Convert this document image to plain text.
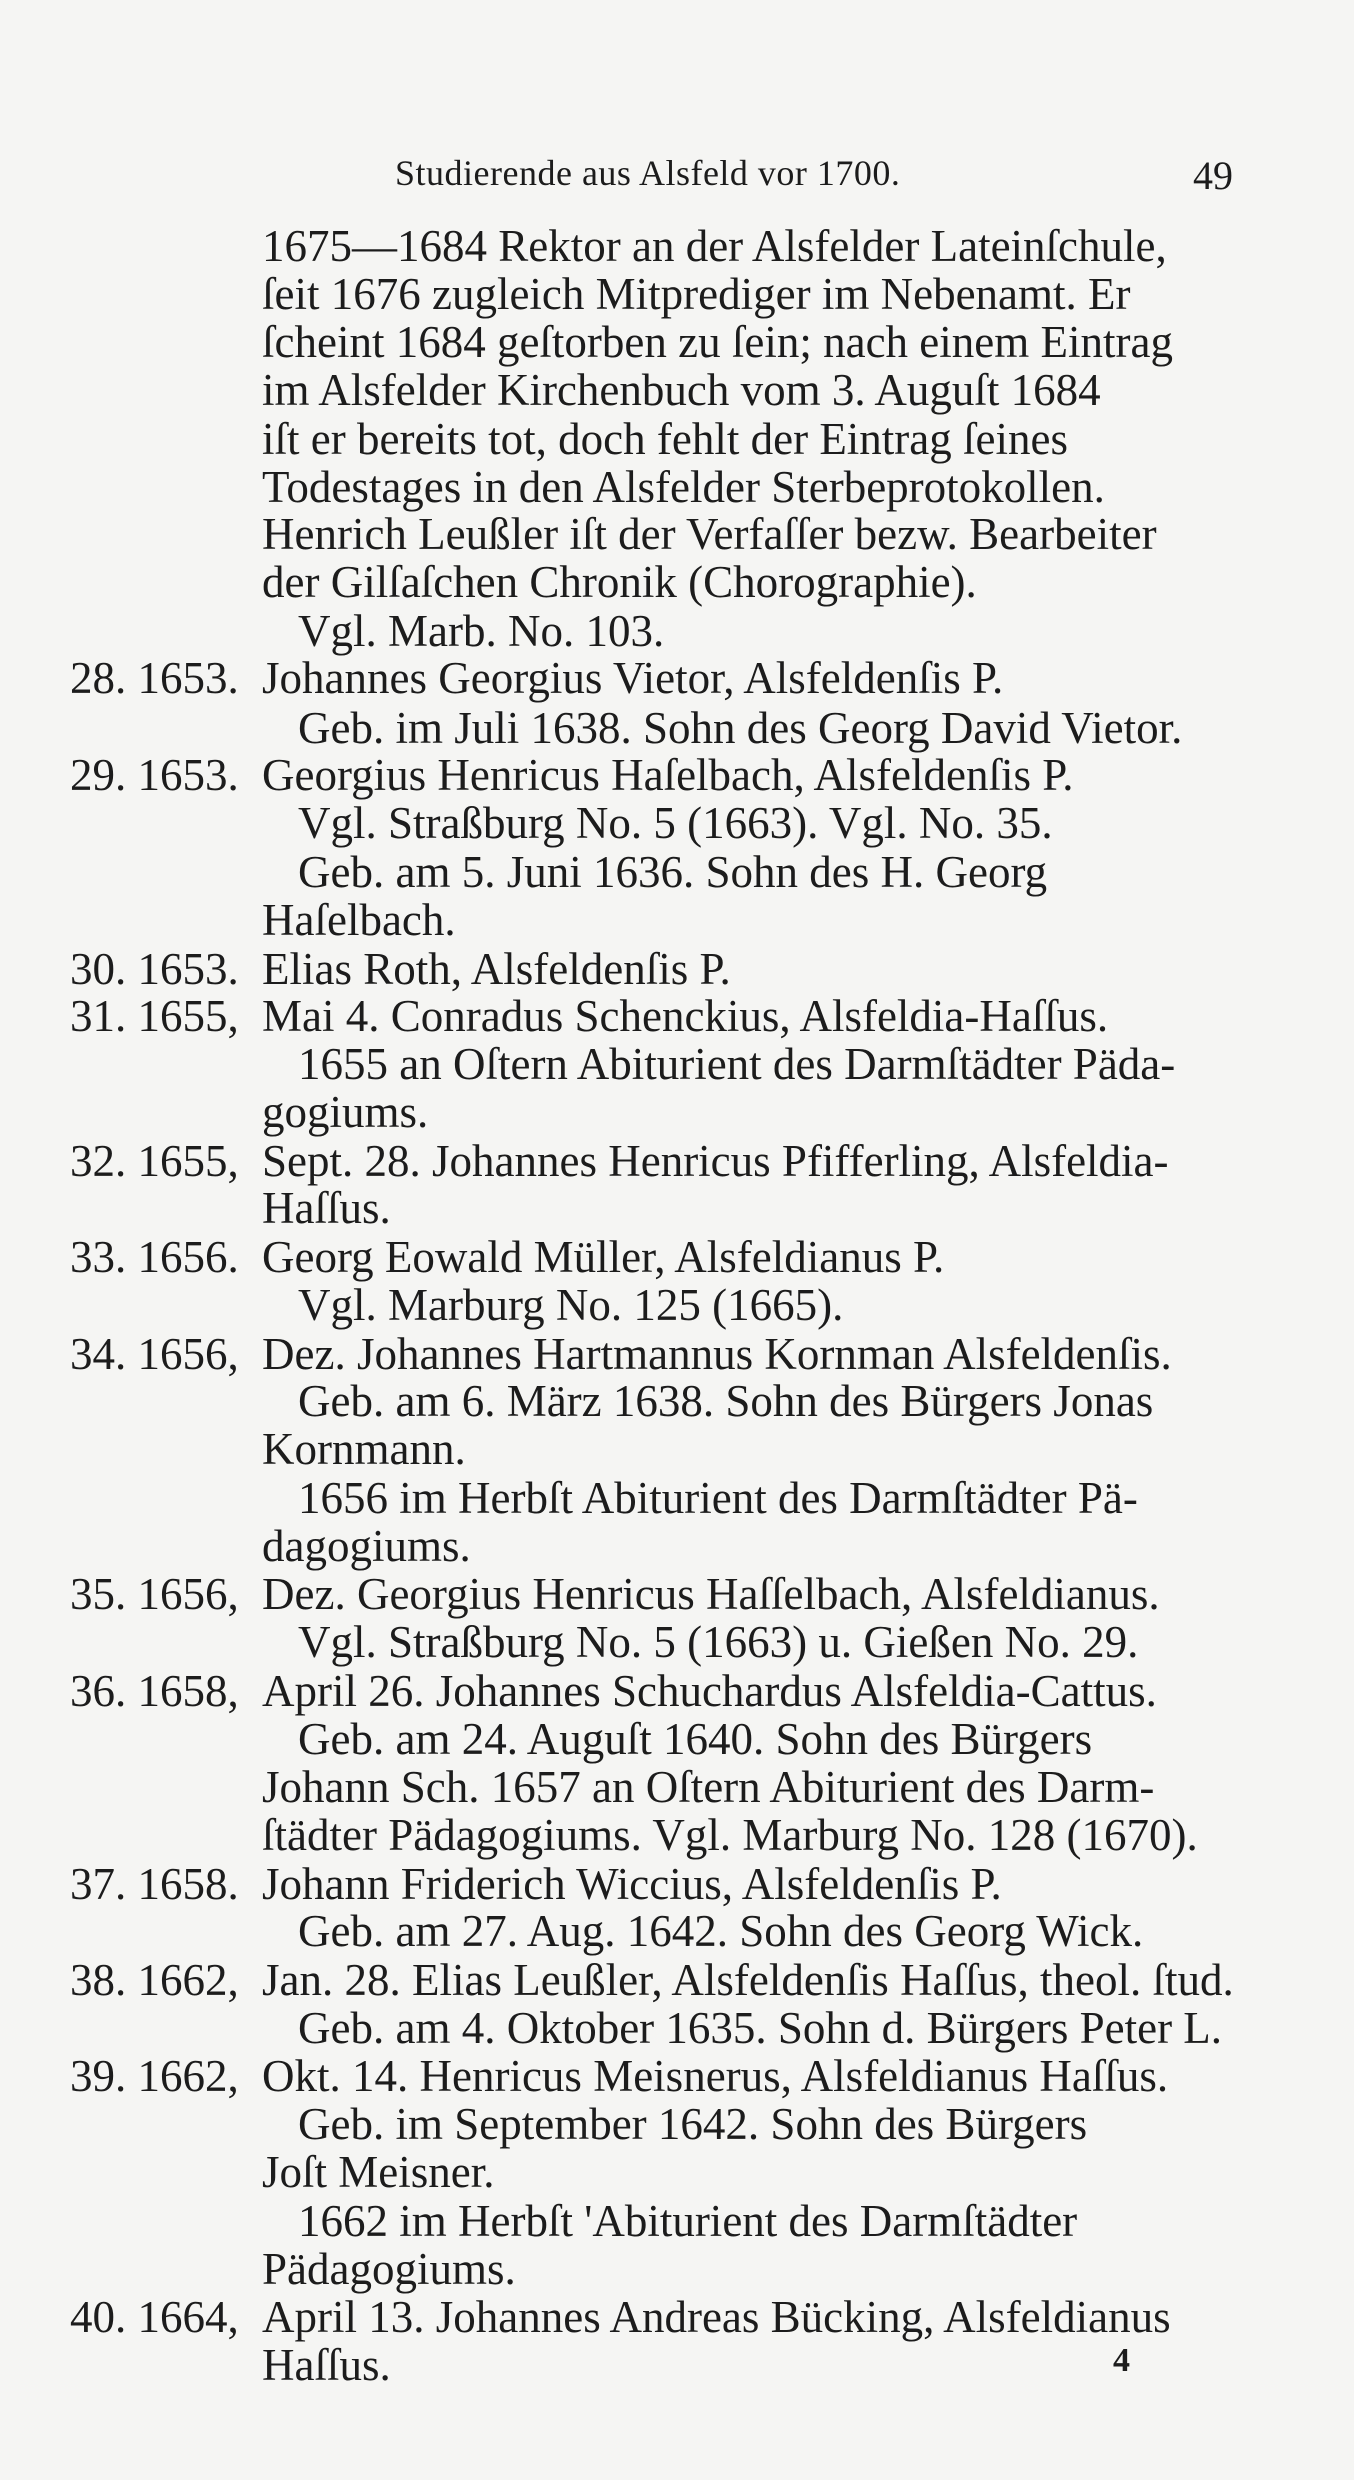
Studierende aus Alsfeld vor 1700.	49

1675—1684 Rektor an der Alsfelder Lateinſchule,

ſeit 1676 zugleich Mitprediger im Nebenamt. Er

ſcheint 1684 geſtorben zu ſein; nach einem Eintrag

im Alsfelder Kirchenbuch vom 3. Auguſt 1684

iſt er bereits tot, doch fehlt der Eintrag ſeines

Todestages in den Alsfelder Sterbeprotokollen.

Henrich Leußler iſt der Verfaſſer bezw. Bearbeiter

der Gilſaſchen Chronik (Chorographie).

Vgl. Marb. No. 103.

28. 1653. Johannes Georgius Vietor, Alsfeldenſis P.

Geb. im Juli 1638. Sohn des Georg David Vietor.

29. 1653. Georgius Henricus Haſelbach, Alsfeldenſis P.

Vgl. Straßburg No. 5 (1663). Vgl. No. 35.

Geb. am 5. Juni 1636. Sohn des H. Georg

Haſelbach.

30. 1653. Elias Roth, Alsfeldenſis P.

31. 1655, Mai 4. Conradus Schenckius, Alsfeldia-Haſſus.

1655 an Oſtern Abiturient des Darmſtädter Päda-

gogiums.

32. 1655, Sept. 28. Johannes Henricus Pfifferling, Alsfeldia-

Haſſus.

33. 1656. Georg Eowald Müller, Alsfeldianus P.

Vgl. Marburg No. 125 (1665).

34. 1656, Dez. Johannes Hartmannus Kornman Alsfeldenſis.

Geb. am 6. März 1638. Sohn des Bürgers Jonas

Kornmann.

1656 im Herbſt Abiturient des Darmſtädter Pä-

dagogiums.

35. 1656, Dez. Georgius Henricus Haſſelbach, Alsfeldianus.

Vgl. Straßburg No. 5 (1663) u. Gießen No. 29.

36. 1658, April 26. Johannes Schuchardus Alsfeldia-Cattus.

Geb. am 24. Auguſt 1640. Sohn des Bürgers

Johann Sch. 1657 an Oſtern Abiturient des Darm-

ſtädter Pädagogiums. Vgl. Marburg No. 128 (1670).

37. 1658. Johann Friderich Wiccius, Alsfeldenſis P.

Geb. am 27. Aug. 1642. Sohn des Georg Wick.

38. 1662, Jan. 28. Elias Leußler, Alsfeldenſis Haſſus, theol. ſtud.

Geb. am 4. Oktober 1635. Sohn d. Bürgers Peter L.

39. 1662, Okt. 14. Henricus Meisnerus, Alsfeldianus Haſſus.

Geb. im September 1642. Sohn des Bürgers

Joſt Meisner.

1662 im Herbſt 'Abiturient des Darmſtädter

Pädagogiums.

40. 1664, April 13. Johannes Andreas Bücking, Alsfeldianus

Haſſus.	4
